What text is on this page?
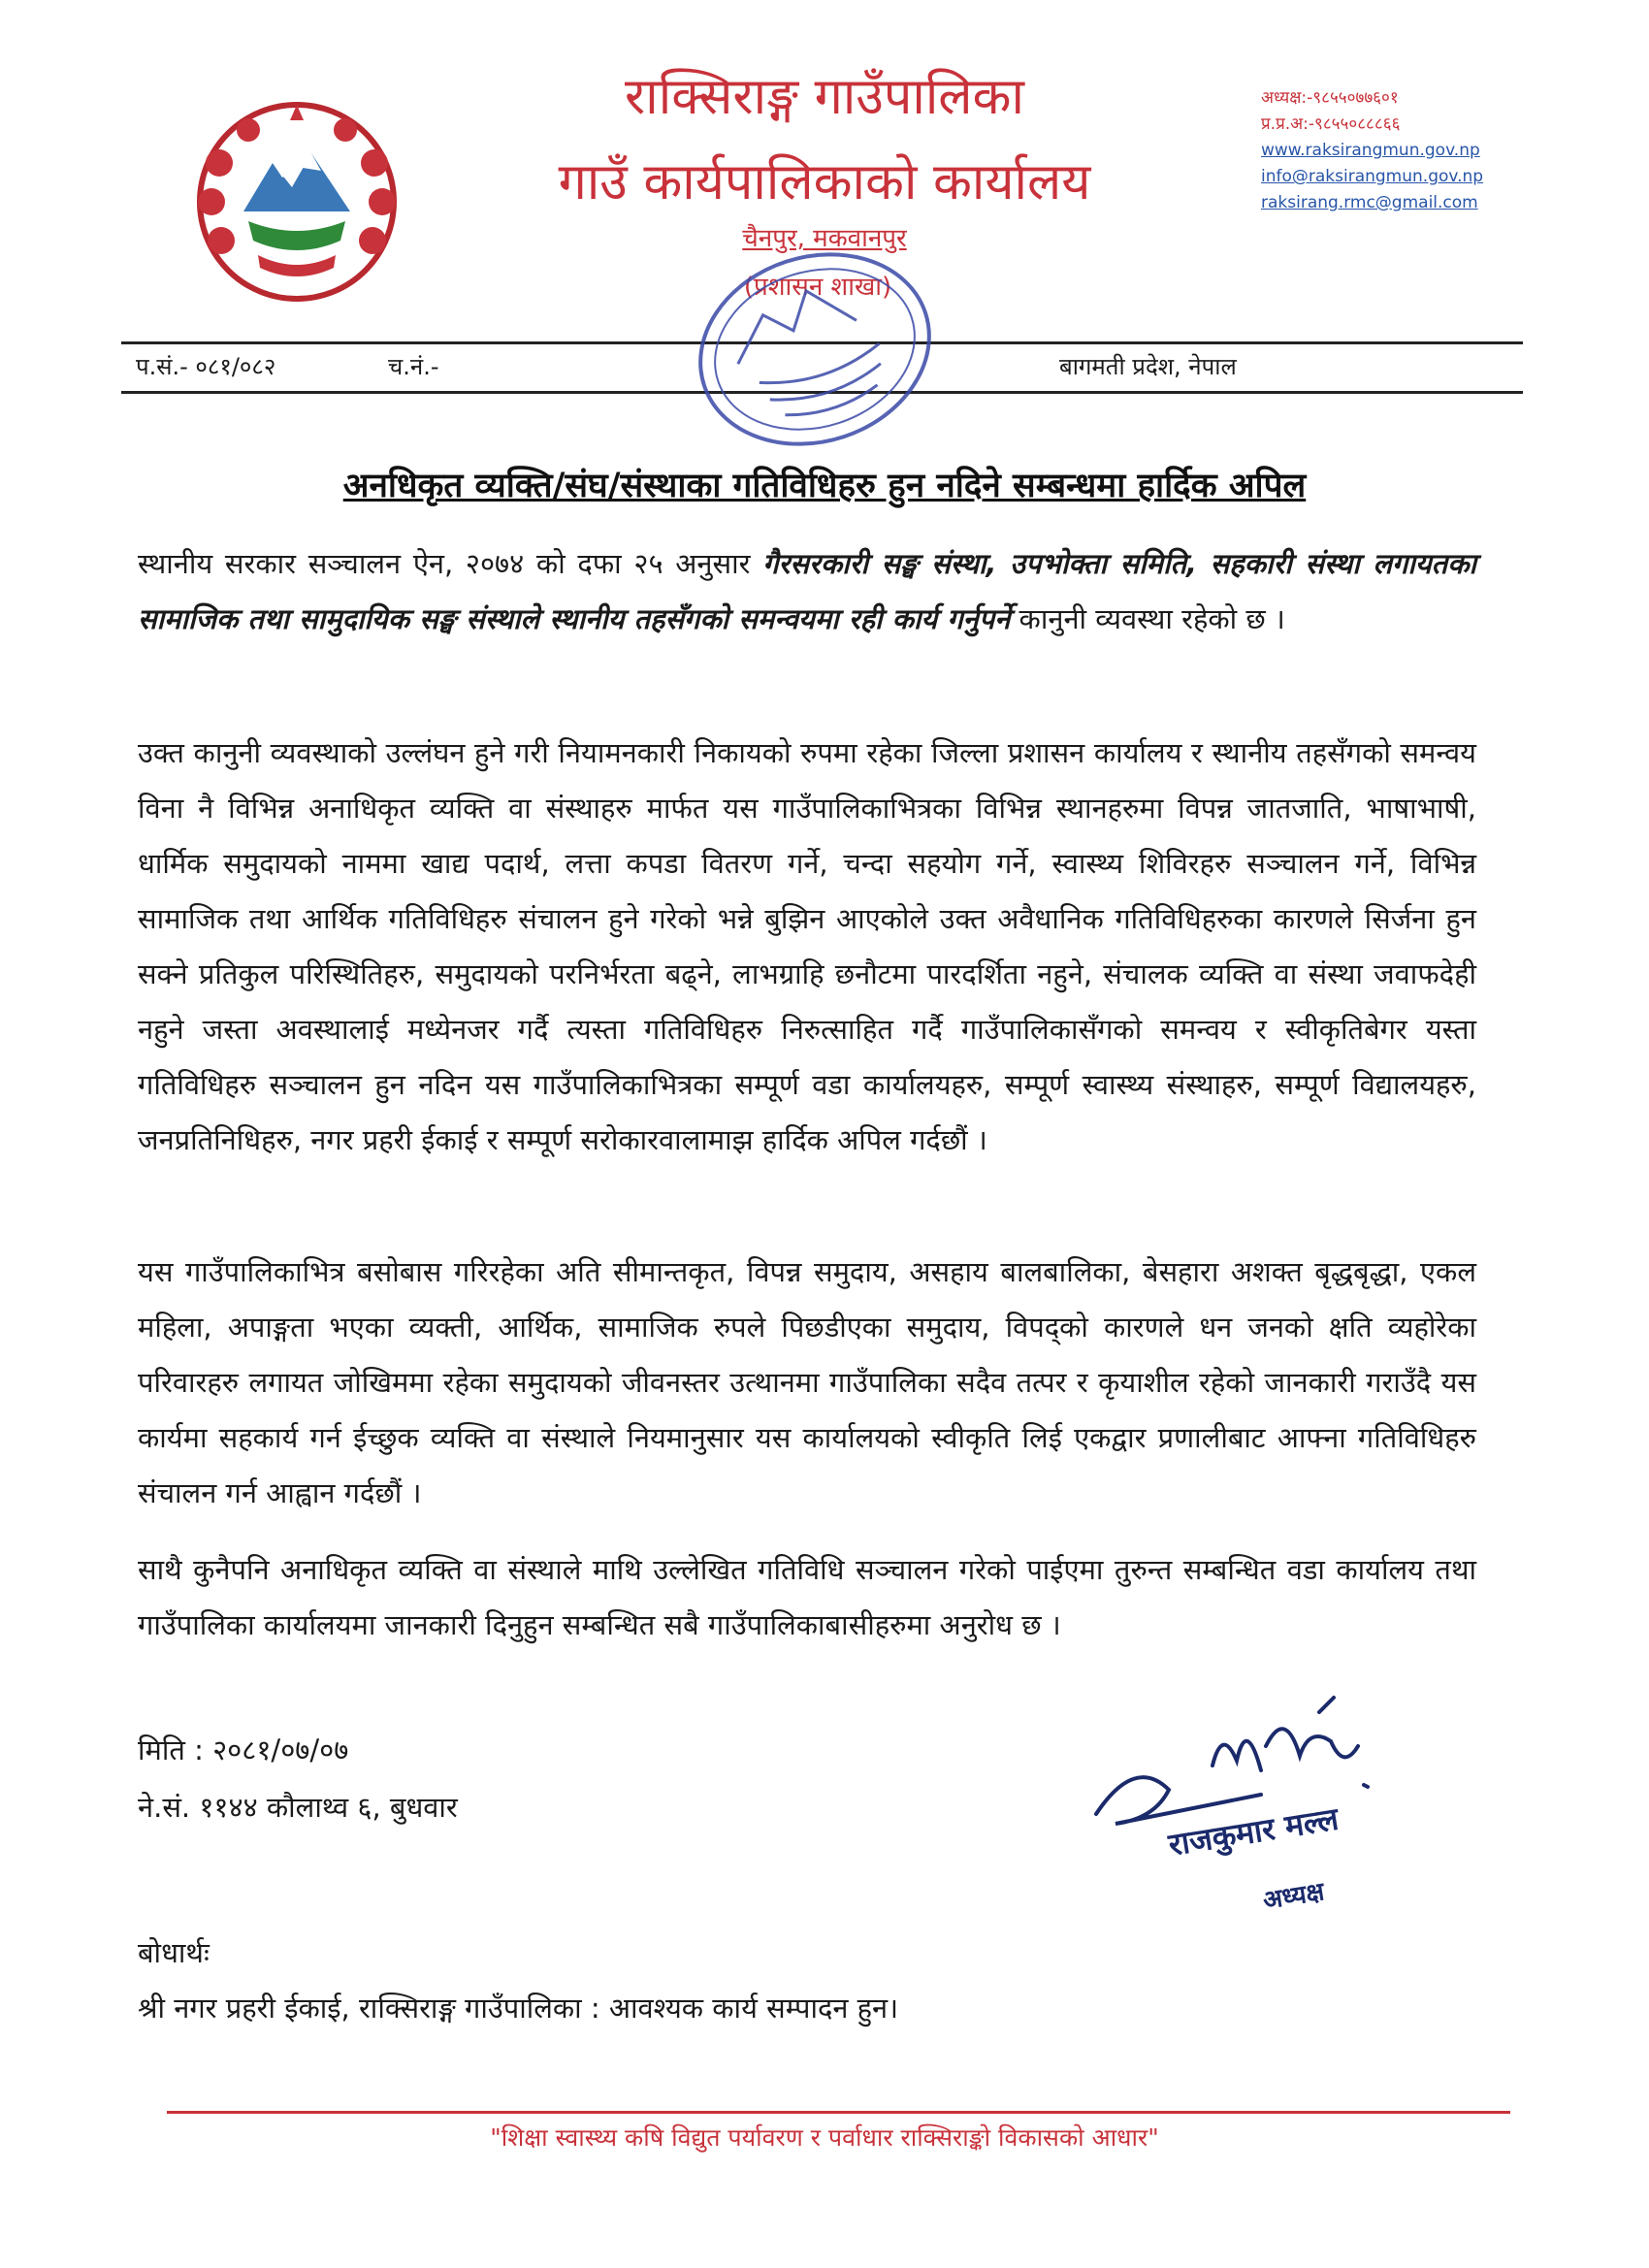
राक्सिराङ्ग गाउँपालिका
गाउँ कार्यपालिकाको कार्यालय
चैनपुर, मकवानपुर
(प्रशासन शाखा)
अध्यक्ष:-९८५५०७७६०१
प्र.प्र.अ:-९८५५०८८८६६
www.raksirangmun.gov.np
info@raksirangmun.gov.np
raksirang.rmc@gmail.com
प.सं.- ०८१/०८२	च.नं.-	बागमती प्रदेश, नेपाल
अनधिकृत व्यक्ति/संघ/संस्थाका गतिविधिहरु हुन नदिने सम्बन्धमा हार्दिक अपिल
स्थानीय सरकार सञ्चालन ऐन, २०७४ को दफा २५ अनुसार गैरसरकारी सङ्घ संस्था, उपभोक्ता समिति, सहकारी संस्था लगायतका सामाजिक तथा सामुदायिक सङ्घ संस्थाले स्थानीय तहसँगको समन्वयमा रही कार्य गर्नुपर्ने कानुनी व्यवस्था रहेको छ ।
उक्त कानुनी व्यवस्थाको उल्लंघन हुने गरी नियामनकारी निकायको रुपमा रहेका जिल्ला प्रशासन कार्यालय र स्थानीय तहसँगको समन्वय विना नै विभिन्न अनाधिकृत व्यक्ति वा संस्थाहरु मार्फत यस गाउँपालिकाभित्रका विभिन्न स्थानहरुमा विपन्न जातजाति, भाषाभाषी, धार्मिक समुदायको नाममा खाद्य पदार्थ, लत्ता कपडा वितरण गर्ने, चन्दा सहयोग गर्ने, स्वास्थ्य शिविरहरु सञ्चालन गर्ने, विभिन्न सामाजिक तथा आर्थिक गतिविधिहरु संचालन हुने गरेको भन्ने बुझिन आएकोले उक्त अवैधानिक गतिविधिहरुका कारणले सिर्जना हुन सक्ने प्रतिकुल परिस्थितिहरु, समुदायको परनिर्भरता बढ्ने, लाभग्राहि छनौटमा पारदर्शिता नहुने, संचालक व्यक्ति वा संस्था जवाफदेही नहुने जस्ता अवस्थालाई मध्येनजर गर्दै त्यस्ता गतिविधिहरु निरुत्साहित गर्दै गाउँपालिकासँगको समन्वय र स्वीकृतिबेगर यस्ता गतिविधिहरु सञ्चालन हुन नदिन यस गाउँपालिकाभित्रका सम्पूर्ण वडा कार्यालयहरु, सम्पूर्ण स्वास्थ्य संस्थाहरु, सम्पूर्ण विद्यालयहरु, जनप्रतिनिधिहरु, नगर प्रहरी ईकाई र सम्पूर्ण सरोकारवालामाझ हार्दिक अपिल गर्दछौं ।
यस गाउँपालिकाभित्र बसोबास गरिरहेका अति सीमान्तकृत, विपन्न समुदाय, असहाय बालबालिका, बेसहारा अशक्त बृद्धबृद्धा, एकल महिला, अपाङ्गता भएका व्यक्ती, आर्थिक, सामाजिक रुपले पिछडीएका समुदाय, विपद्को कारणले धन जनको क्षति व्यहोरेका परिवारहरु लगायत जोखिममा रहेका समुदायको जीवनस्तर उत्थानमा गाउँपालिका सदैव तत्पर र कृयाशील रहेको जानकारी गराउँदै यस कार्यमा सहकार्य गर्न ईच्छुक व्यक्ति वा संस्थाले नियमानुसार यस कार्यालयको स्वीकृति लिई एकद्वार प्रणालीबाट आफ्ना गतिविधिहरु संचालन गर्न आह्वान गर्दछौं ।
साथै कुनैपनि अनाधिकृत व्यक्ति वा संस्थाले माथि उल्लेखित गतिविधि सञ्चालन गरेको पाईएमा तुरुन्त सम्बन्धित वडा कार्यालय तथा गाउँपालिका कार्यालयमा जानकारी दिनुहुन सम्बन्धित सबै गाउँपालिकाबासीहरुमा अनुरोध छ ।
मिति : २०८१/०७/०७
ने.सं. ११४४ कौलाथ्व ६, बुधवार	राजकुमार मल्ल
अध्यक्ष
बोधार्थः
श्री नगर प्रहरी ईकाई, राक्सिराङ्ग गाउँपालिका : आवश्यक कार्य सम्पादन हुन।
"शिक्षा स्वास्थ्य कषि विद्युत पर्यावरण र पर्वाधार राक्सिराङ्को विकासको आधार"
